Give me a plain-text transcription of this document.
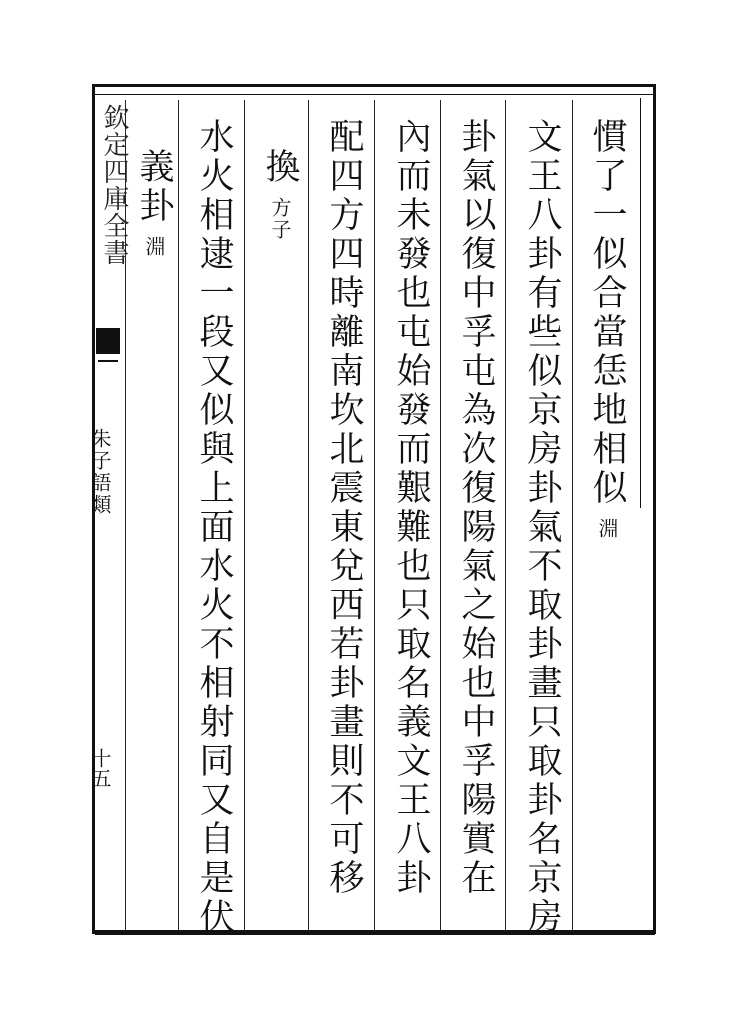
欽定四庫全書
朱子語類
十五
慣了一似合當恁地相似淵
文王八卦有些似京房卦氣不取卦畫只取卦名京房
卦氣以復中孚屯為次復陽氣之始也中孚陽實在
內而未發也屯始發而艱難也只取名義文王八卦
配四方四時離南坎北震東兌西若卦畫則不可移
換方子
水火相逮一段又似與上面水火不相射同又自是伏
義卦淵
